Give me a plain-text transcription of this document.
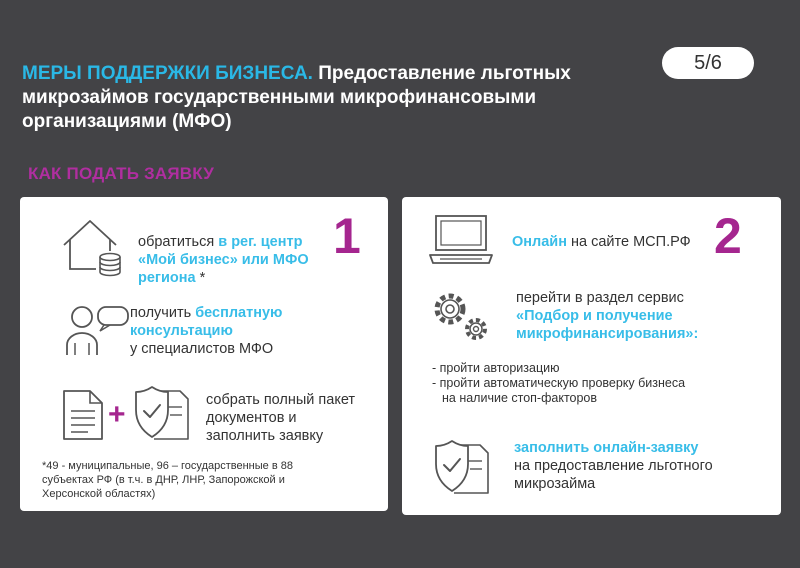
МЕРЫ ПОДДЕРЖКИ БИЗНЕСА. Предоставление льготных микрозаймов государственными микрофинансовыми организациями (МФО)
5/6
КАК ПОДАТЬ ЗАЯВКУ
1
обратиться в рег. центр «Мой бизнес» или МФО региона *
получить бесплатную консультацию
у специалистов МФО
+	собрать полный пакет документов и заполнить заявку
*49 - муниципальные, 96 – государственные в 88 субъектах РФ (в т.ч. в ДНР, ЛНР, Запорожской и Херсонской областях)
2
Онлайн на сайте МСП.РФ
перейти в раздел сервис
«Подбор и получение микрофинансирования»:
- пройти авторизацию
- пройти автоматическую проверку бизнеса
на наличие стоп-факторов
заполнить онлайн-заявку
на предоставление льготного микрозайма
